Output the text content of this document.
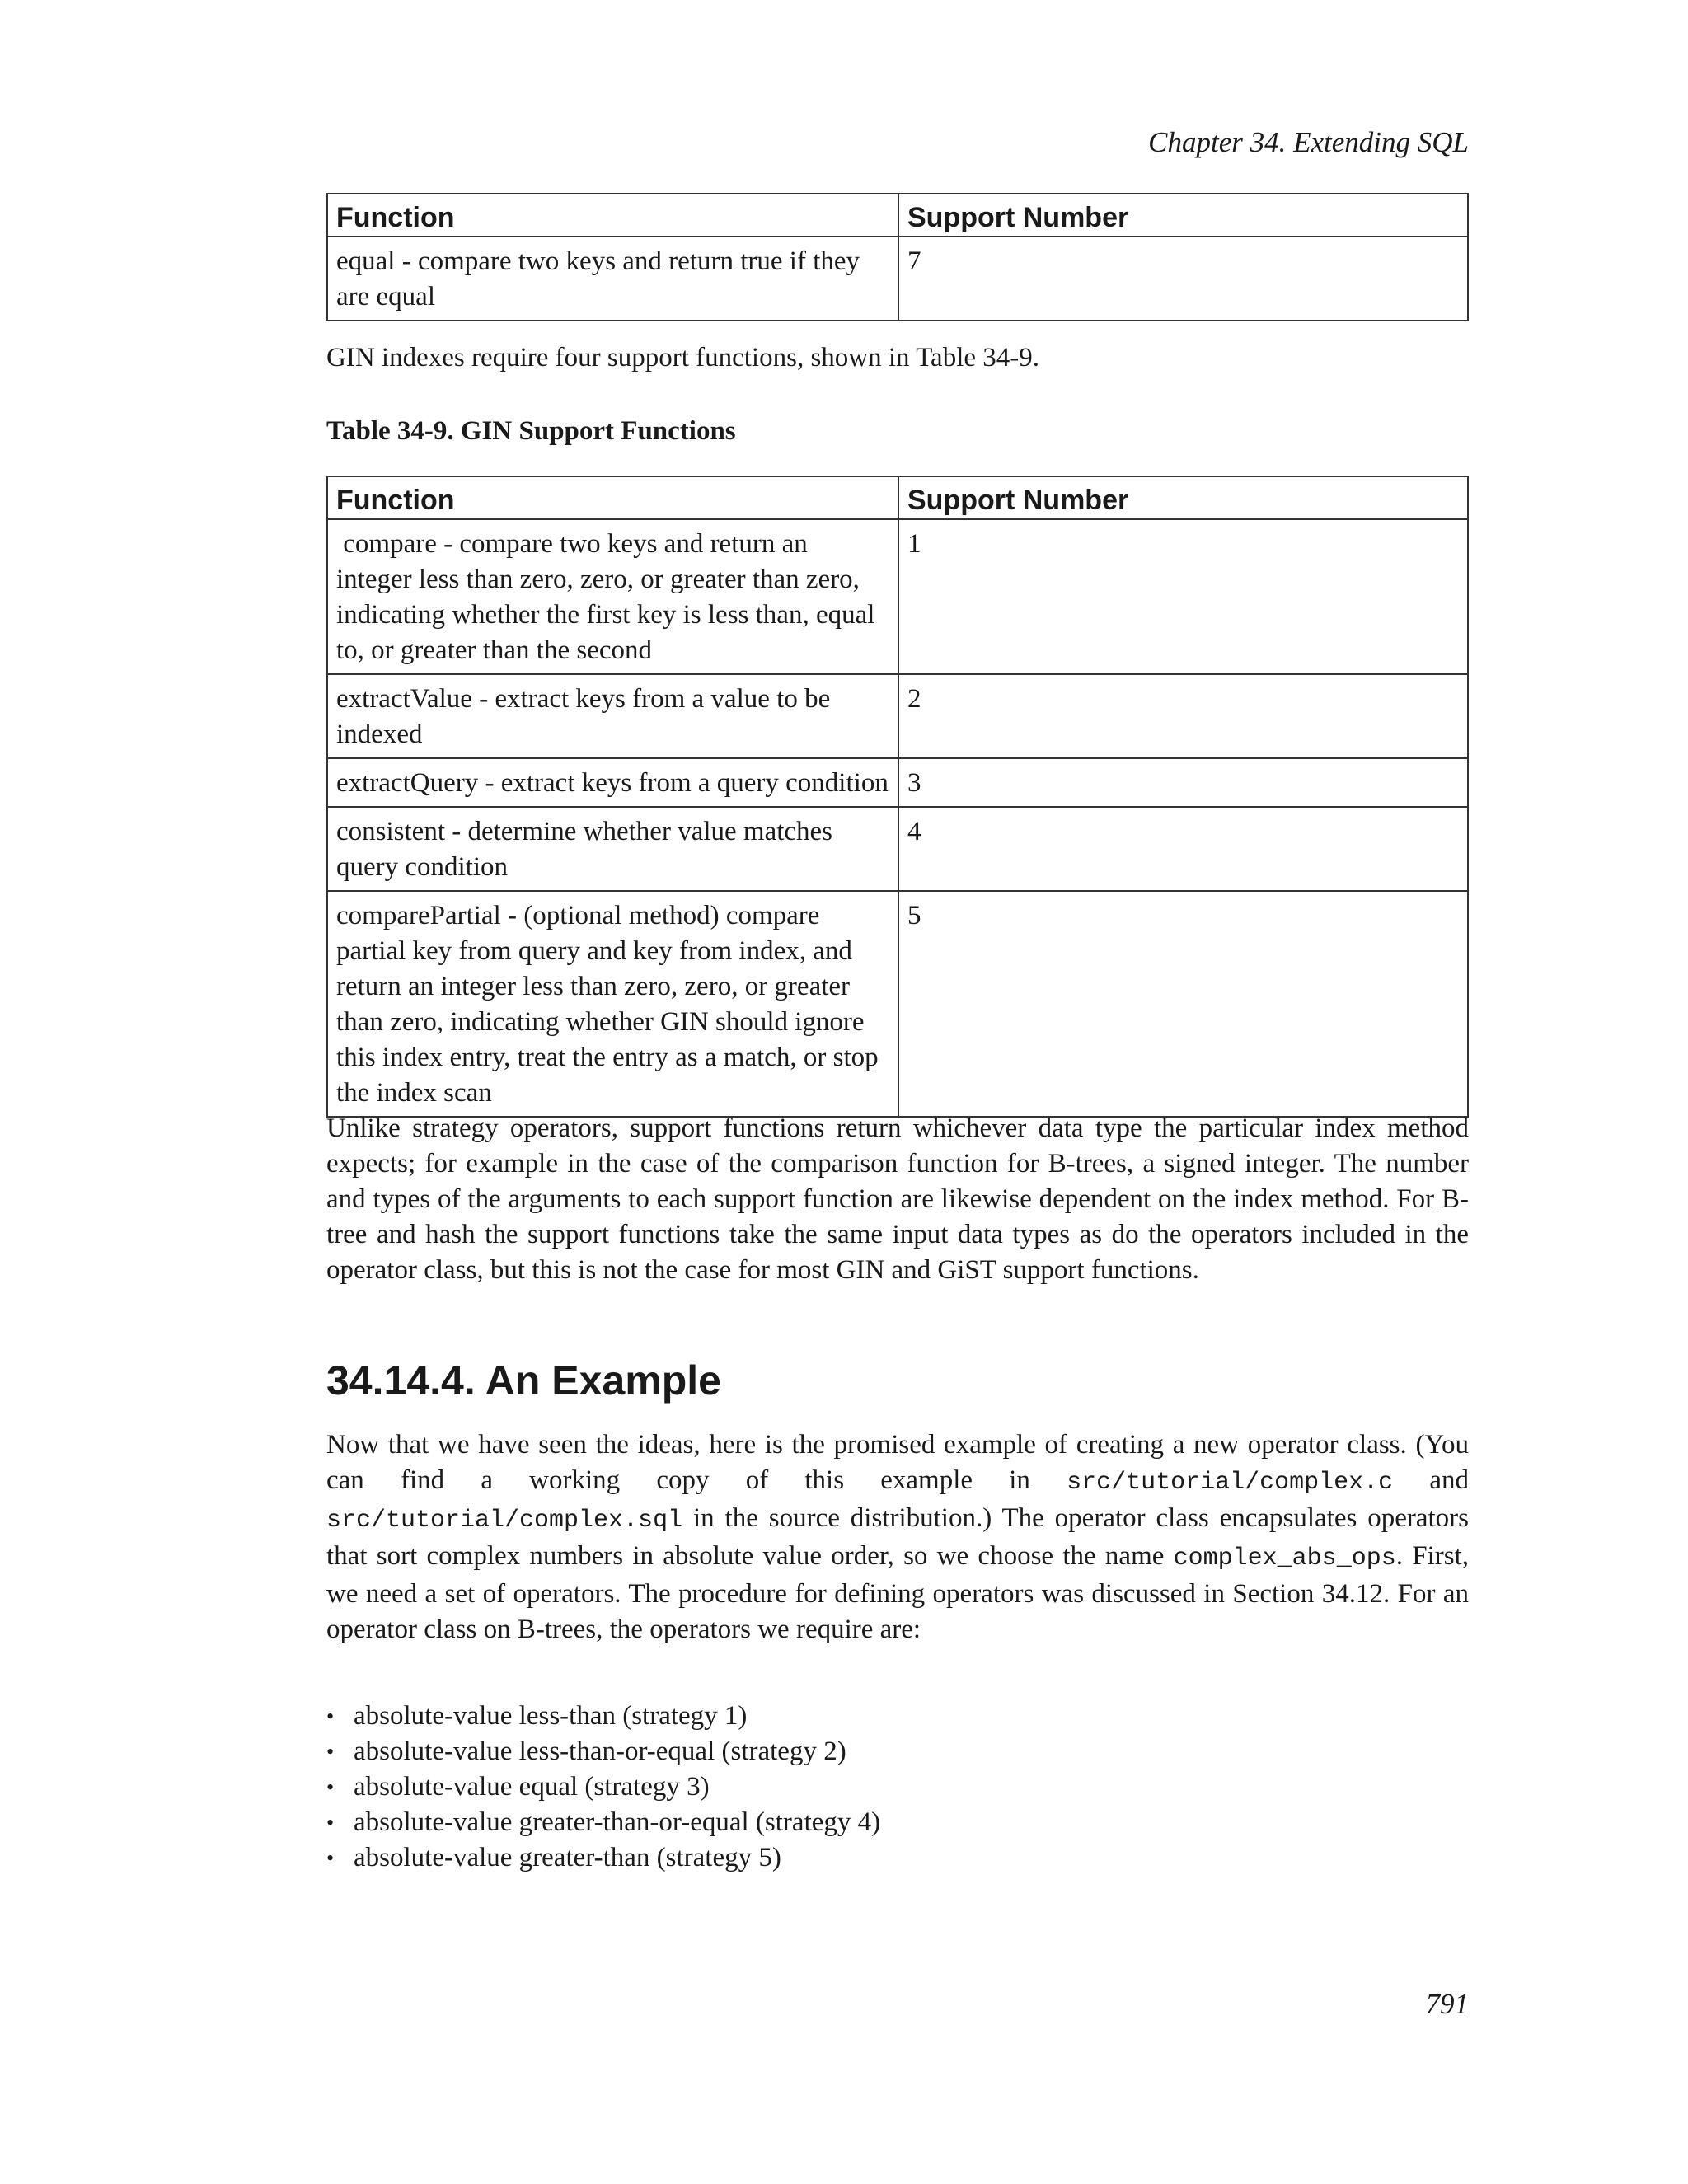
Chapter 34. Extending SQL
Function	Support Number
equal - compare two keys and return true if they are equal	7

GIN indexes require four support functions, shown in Table 34-9.

Table 34-9. GIN Support Functions

Function	Support Number
compare - compare two keys and return an integer less than zero, zero, or greater than zero, indicating whether the first key is less than, equal to, or greater than the second	1
extractValue - extract keys from a value to be indexed	2
extractQuery - extract keys from a query condition	3
consistent - determine whether value matches query condition	4
comparePartial - (optional method) compare partial key from query and key from index, and return an integer less than zero, zero, or greater than zero, indicating whether GIN should ignore this index entry, treat the entry as a match, or stop the index scan	5

Unlike strategy operators, support functions return whichever data type the particular index method expects; for example in the case of the comparison function for B-trees, a signed integer. The number and types of the arguments to each support function are likewise dependent on the index method. For B-tree and hash the support functions take the same input data types as do the operators included in the operator class, but this is not the case for most GIN and GiST support functions.

34.14.4. An Example

Now that we have seen the ideas, here is the promised example of creating a new operator class. (You can find a working copy of this example in src/tutorial/complex.c and src/tutorial/complex.sql in the source distribution.) The operator class encapsulates operators that sort complex numbers in absolute value order, so we choose the name complex_abs_ops. First, we need a set of operators. The procedure for defining operators was discussed in Section 34.12. For an operator class on B-trees, the operators we require are:

• absolute-value less-than (strategy 1)
• absolute-value less-than-or-equal (strategy 2)
• absolute-value equal (strategy 3)
• absolute-value greater-than-or-equal (strategy 4)
• absolute-value greater-than (strategy 5)
791
